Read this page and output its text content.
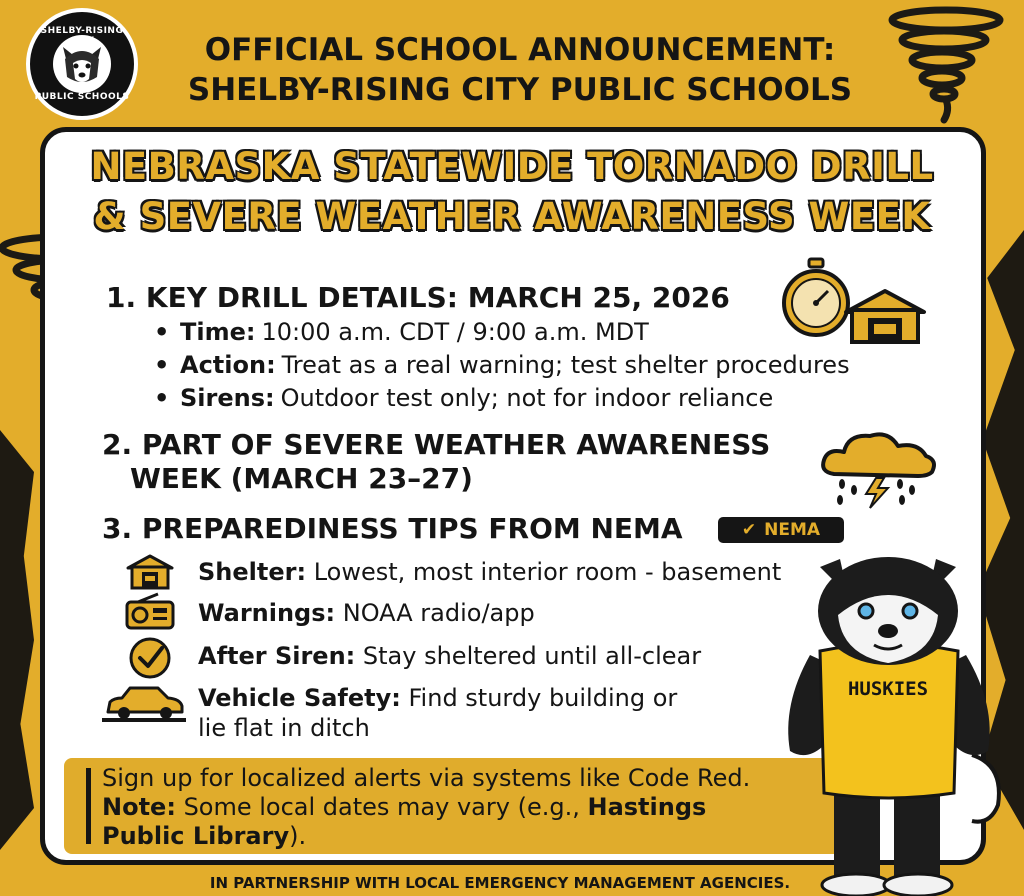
SHELBY-RISING CITY
PUBLIC SCHOOLS
OFFICIAL SCHOOL ANNOUNCEMENT:
SHELBY-RISING CITY PUBLIC SCHOOLS
NEBRASKA STATEWIDE TORNADO DRILL
& SEVERE WEATHER AWARENESS WEEK
1. KEY DRILL DETAILS: MARCH 25, 2026
• Time: 10:00 a.m. CDT / 9:00 a.m. MDT
• Action: Treat as a real warning; test shelter procedures
• Sirens: Outdoor test only; not for indoor reliance
2. PART OF SEVERE WEATHER AWARENESS
WEEK (MARCH 23–27)
3. PREPAREDINESS TIPS FROM NEMA	✔ NEMA
Shelter: Lowest, most interior room - basement
Warnings: NOAA radio/app
After Siren: Stay sheltered until all-clear
Vehicle Safety: Find sturdy building or
lie flat in ditch
Sign up for localized alerts via systems like Code Red.
Note: Some local dates may vary (e.g., Hastings
Public Library).
HUSKIES
IN PARTNERSHIP WITH LOCAL EMERGENCY MANAGEMENT AGENCIES.
